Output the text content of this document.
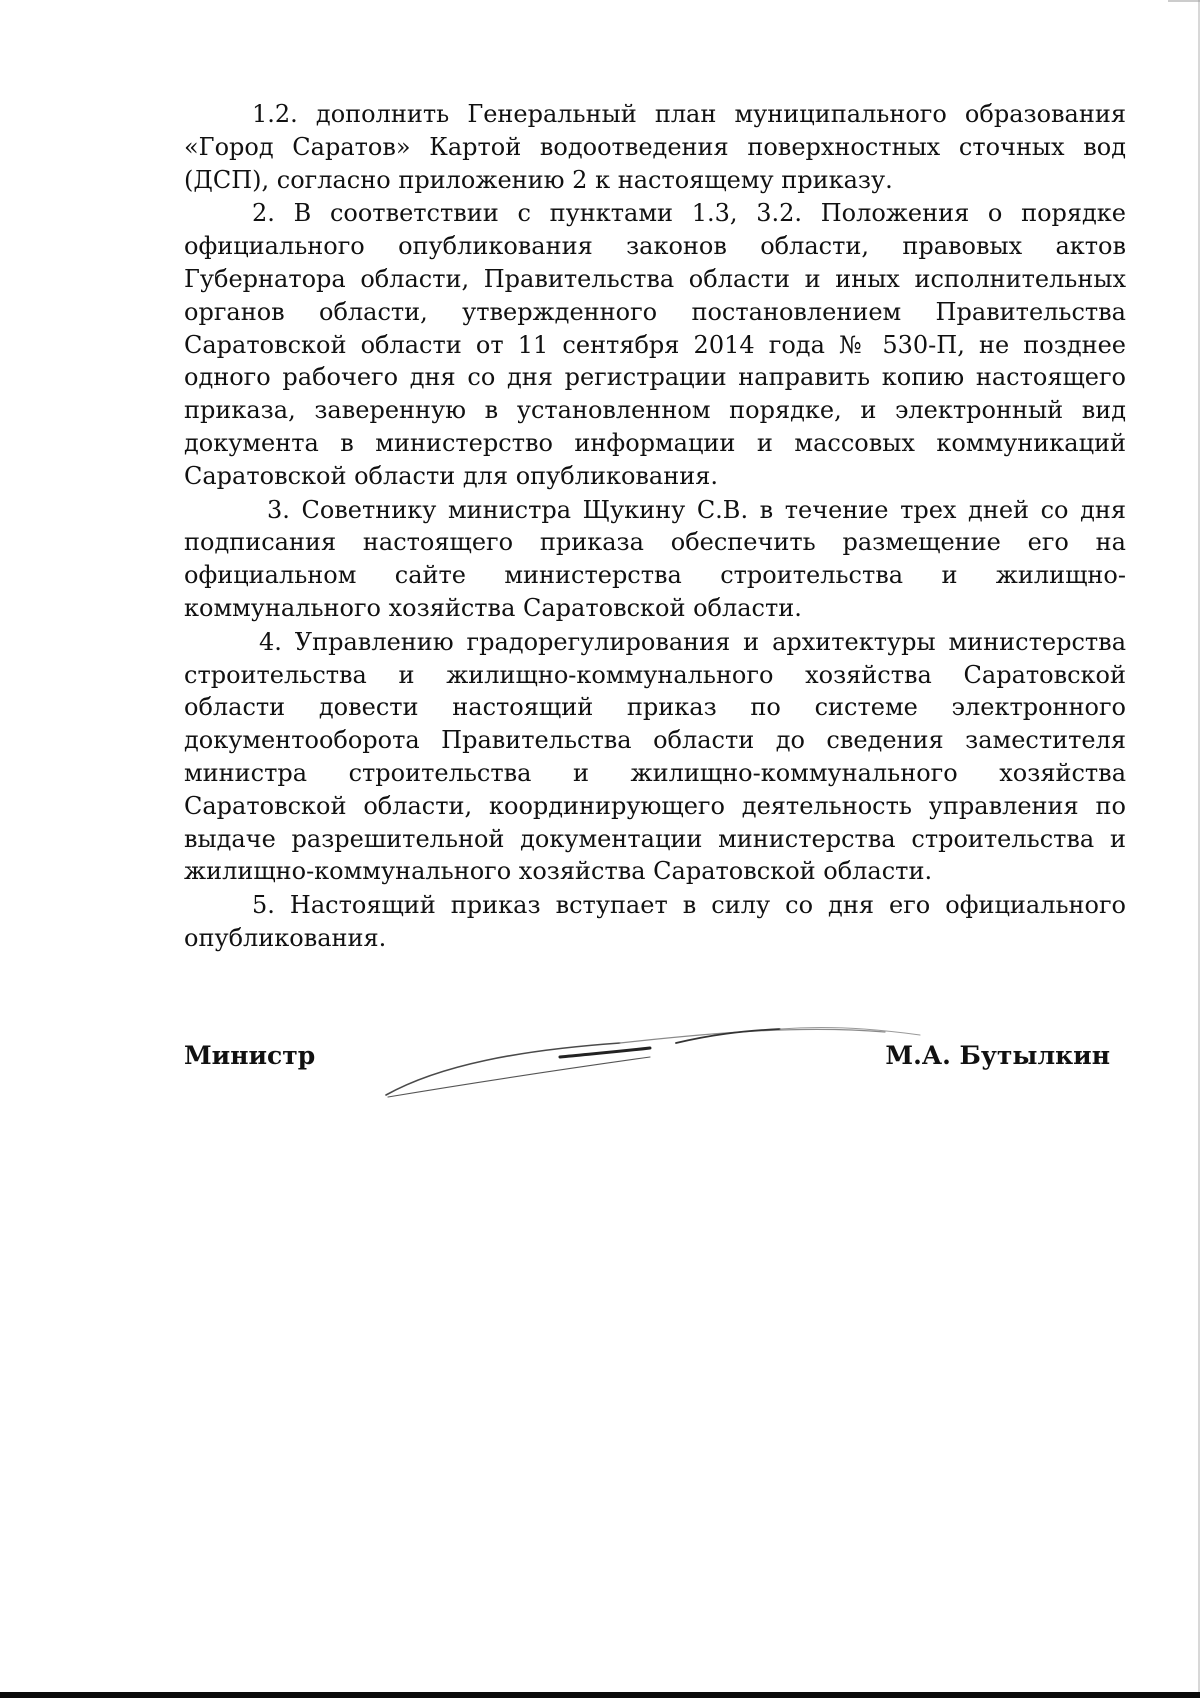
1.2. дополнить Генеральный план муниципального образования «Город Саратов» Картой водоотведения поверхностных сточных вод (ДСП), согласно приложению 2 к настоящему приказу.

2. В соответствии с пунктами 1.3, 3.2. Положения о порядке официального опубликования законов области, правовых актов Губернатора области, Правительства области и иных исполнительных органов области, утвержденного постановлением Правительства Саратовской области от 11 сентября 2014 года № 530-П, не позднее одного рабочего дня со дня регистрации направить копию настоящего приказа, заверенную в установленном порядке, и электронный вид документа в министерство информации и массовых коммуникаций Саратовской области для опубликования.

3. Советнику министра Щукину С.В. в течение трех дней со дня подписания настоящего приказа обеспечить размещение его на официальном сайте министерства строительства и жилищно-коммунального хозяйства Саратовской области.

4. Управлению градорегулирования и архитектуры министерства строительства и жилищно-коммунального хозяйства Саратовской области довести настоящий приказ по системе электронного документооборота Правительства области до сведения заместителя министра строительства и жилищно-коммунального хозяйства Саратовской области, координирующего деятельность управления по выдаче разрешительной документации министерства строительства и жилищно-коммунального хозяйства Саратовской области.

5. Настоящий приказ вступает в силу со дня его официального опубликования.

Министр	М.А. Бутылкин
